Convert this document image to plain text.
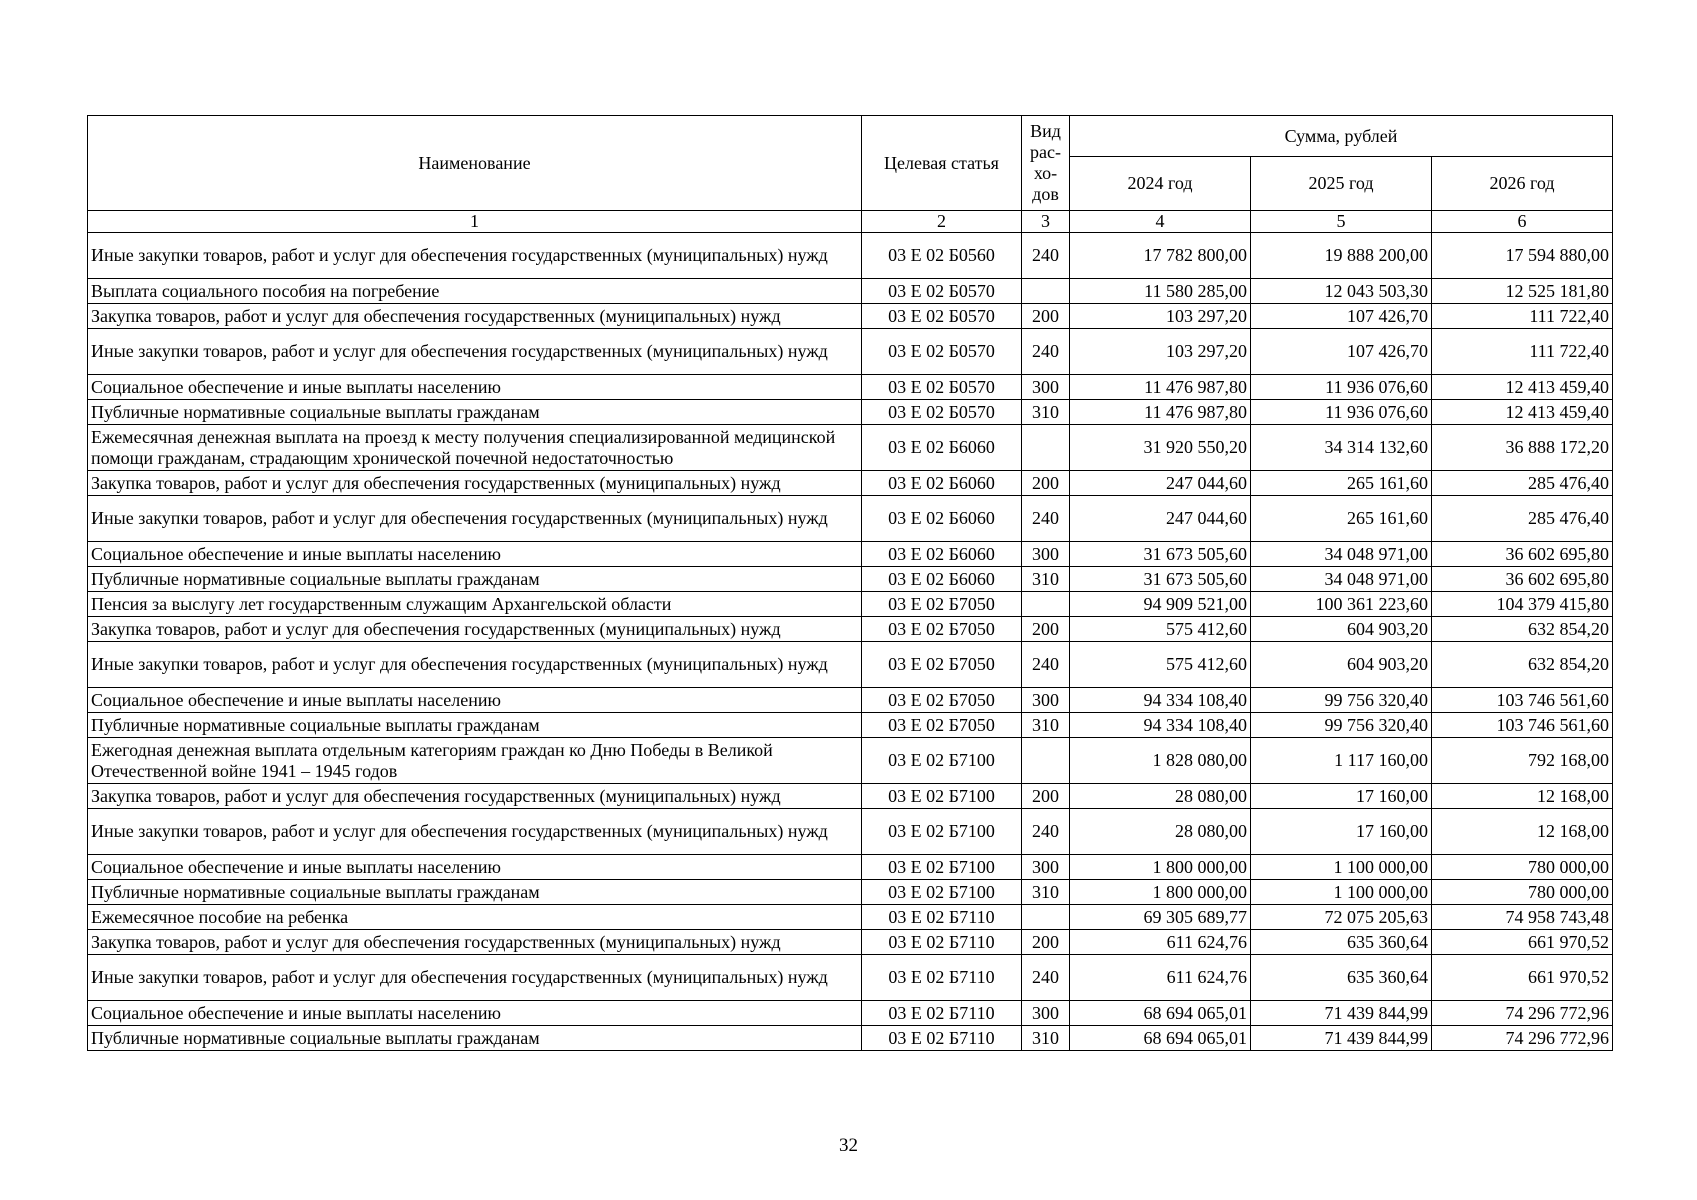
Наименование	Целевая статья	Вид рас-хо-дов	Сумма, рублей		
			2024 год	2025 год	2026 год
1	2	3	4	5	6
Иные закупки товаров, работ и услуг для обеспечения государственных (муниципальных) нужд	03 Е 02 Б0560	240	17 782 800,00	19 888 200,00	17 594 880,00
Выплата социального пособия на погребение	03 Е 02 Б0570		11 580 285,00	12 043 503,30	12 525 181,80
Закупка товаров, работ и услуг для обеспечения государственных (муниципальных) нужд	03 Е 02 Б0570	200	103 297,20	107 426,70	111 722,40
Иные закупки товаров, работ и услуг для обеспечения государственных (муниципальных) нужд	03 Е 02 Б0570	240	103 297,20	107 426,70	111 722,40
Социальное обеспечение и иные выплаты населению	03 Е 02 Б0570	300	11 476 987,80	11 936 076,60	12 413 459,40
Публичные нормативные социальные выплаты гражданам	03 Е 02 Б0570	310	11 476 987,80	11 936 076,60	12 413 459,40
Ежемесячная денежная выплата на проезд к месту получения специализированной медицинской помощи гражданам, страдающим хронической почечной недостаточностью	03 Е 02 Б6060		31 920 550,20	34 314 132,60	36 888 172,20
Закупка товаров, работ и услуг для обеспечения государственных (муниципальных) нужд	03 Е 02 Б6060	200	247 044,60	265 161,60	285 476,40
Иные закупки товаров, работ и услуг для обеспечения государственных (муниципальных) нужд	03 Е 02 Б6060	240	247 044,60	265 161,60	285 476,40
Социальное обеспечение и иные выплаты населению	03 Е 02 Б6060	300	31 673 505,60	34 048 971,00	36 602 695,80
Публичные нормативные социальные выплаты гражданам	03 Е 02 Б6060	310	31 673 505,60	34 048 971,00	36 602 695,80
Пенсия за выслугу лет государственным служащим Архангельской области	03 Е 02 Б7050		94 909 521,00	100 361 223,60	104 379 415,80
Закупка товаров, работ и услуг для обеспечения государственных (муниципальных) нужд	03 Е 02 Б7050	200	575 412,60	604 903,20	632 854,20
Иные закупки товаров, работ и услуг для обеспечения государственных (муниципальных) нужд	03 Е 02 Б7050	240	575 412,60	604 903,20	632 854,20
Социальное обеспечение и иные выплаты населению	03 Е 02 Б7050	300	94 334 108,40	99 756 320,40	103 746 561,60
Публичные нормативные социальные выплаты гражданам	03 Е 02 Б7050	310	94 334 108,40	99 756 320,40	103 746 561,60
Ежегодная денежная выплата отдельным категориям граждан ко Дню Победы в Великой Отечественной войне 1941 – 1945 годов	03 Е 02 Б7100		1 828 080,00	1 117 160,00	792 168,00
Закупка товаров, работ и услуг для обеспечения государственных (муниципальных) нужд	03 Е 02 Б7100	200	28 080,00	17 160,00	12 168,00
Иные закупки товаров, работ и услуг для обеспечения государственных (муниципальных) нужд	03 Е 02 Б7100	240	28 080,00	17 160,00	12 168,00
Социальное обеспечение и иные выплаты населению	03 Е 02 Б7100	300	1 800 000,00	1 100 000,00	780 000,00
Публичные нормативные социальные выплаты гражданам	03 Е 02 Б7100	310	1 800 000,00	1 100 000,00	780 000,00
Ежемесячное пособие на ребенка	03 Е 02 Б7110		69 305 689,77	72 075 205,63	74 958 743,48
Закупка товаров, работ и услуг для обеспечения государственных (муниципальных) нужд	03 Е 02 Б7110	200	611 624,76	635 360,64	661 970,52
Иные закупки товаров, работ и услуг для обеспечения государственных (муниципальных) нужд	03 Е 02 Б7110	240	611 624,76	635 360,64	661 970,52
Социальное обеспечение и иные выплаты населению	03 Е 02 Б7110	300	68 694 065,01	71 439 844,99	74 296 772,96
Публичные нормативные социальные выплаты гражданам	03 Е 02 Б7110	310	68 694 065,01	71 439 844,99	74 296 772,96
32
